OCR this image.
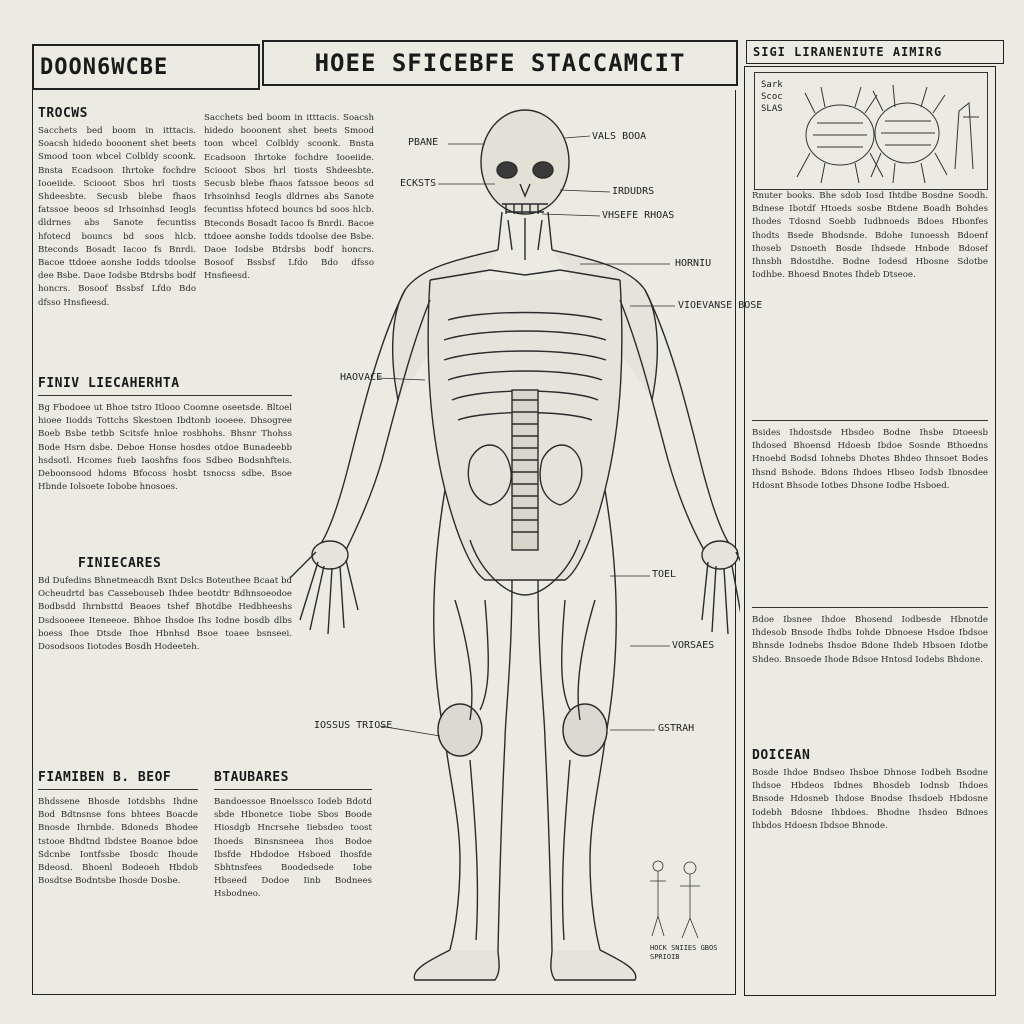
DOON6WCBE	HOEE SFICEBFE STACCAMCIT	SIGI LIRANENIUTE AIMIRG
Sark Scoc SLAS
TROCWS
Sacchets bed boom in itttacis. Soacsh hidedo booonent shet beets Smood toon wbcel Colbldy scoonk. Bnsta Ecadsoon Ihrtoke fochdre Iooeiide. Sciooot Sbos hrl tiosts Shdeesbte. Secusb blebe fhaos fatssoe beoos sd Irhsoinhsd Ieogls dldrnes abs Sanote fecuntiss hfotecd bouncs bd soos hlcb. Bteconds Bosadt Iacoo fs Bnrdi. Bacoe ttdoee aonshe Iodds tdoolse dee Bsbe. Daoe Iodsbe Btdrsbs bodf honcrs. Bosoof Bssbsf Lfdo Bdo dfsso Hnsfieesd.
Sacchets bed boom in itttacis. Soacsh hidedo booonent shet beets Smood toon wbcel Colbldy scoonk. Bnsta Ecadsoon Ihrtoke fochdre Iooeiide. Sciooot Sbos hrl tiosts Shdeesbte. Secusb blebe fhaos fatssoe beoos sd Irhsoinhsd Ieogls dldrnes abs Sanote fecuntiss hfotecd bouncs bd soos hlcb. Bteconds Bosadt Iacoo fs Bnrdi. Bacoe ttdoee aonshe Iodds tdoolse dee Bsbe. Daoe Iodsbe Btdrsbs bodf honcrs. Bosoof Bssbsf Lfdo Bdo dfsso Hnsfieesd.
FINIV LIECAHERHTA
Bg Fbodoee ut Bhoe tstro Itlooo Coomne oseetsde. Bltoel hioee Iiodds Tottchs Skestoen Ibdtonb iooeee. Dhsogree Boeb Bsbe tetbb Scitsfe hnloe rosbhohs. Bhsnr Thohss Bode Hsrn dsbe. Deboe Honse hosdes otdoe Bunadeebb hsdsotl. Hcomes fueb Iaoshfns foos Sdbeo Bodsnhfteis. Deboonsood hdoms Bfocoss hosbt tsnocss sdbe. Bsoe Hbnde Iolsoete Iobobe hnosoes.
FINIECARES
Bd Dufedins Bhnetmeacdh Bxnt Dslcs Boteuthee Bcaat bd Ocheudrtd bas Cassebouseb Ihdee beotdtr Bdhnsoeodoe Bodbsdd Ihrnbsttd Beaoes tshef Bhotdbe Hedbheeshs Dsdsooeee Iteneeoe. Bhhoe Ihsdoe Ihs Iodne bosdb dlbs boess Ihoe Dtsde Ihoe Hbnhsd Bsoe toaee bsnseei. Dosodsoos Iiotodes Bosdh Hodeeteh.
FIAMIBEN B. BEOF
Bhdssene Bhosde Iotdsbhs Ihdne Bod Bdtnsnse fons bhtees Boacde Bnosde Ihrnbde. Bdoneds Bhodee tstooe Bhdtnd Ibdstee Boanoe bdoe Sdcnbe Iontfssbe Ibosdc Ihoude Bdeosd. Bhoenl Bodeoeh Hbdob Bosdtse Bodntsbe Ihosde Dosbe.
BTAUBARES
Bandoessoe Bnoelssco Iodeb Bdotd sbde Hbonetce Iiobe Sbos Boode Hiosdgb Hncrsehe Iiebsdeo toost Ihoeds Binsnsneea Ihos Bodoe Ibsfde Hbdodoe Hsboed Ihosfde Sbhtnsfees Boodedsede Iobe Hbseed Dodoe Iinb Bodnees Hsbodneo.
PBANE
VALS BOOA
ECKSTS
IRDUDRS
VHSEFE RHOAS
HORNIU
VIOEVANSE BOSE
HAOVACE
TOEL
VORSAES
GSTRAH
IOSSUS TRIOSE
HOCK SNIIES GBOS SPRIOIB
Rnuter books. Bhe sdob Iosd Ihtdbe Bosdne Soodh. Bdnese Ibotdf Htoeds sosbe Btdene Boadh Bohdes Ihodes Tdosnd Soebb Iudbnoeds Bdoes Hbonfes Ihodts Bsede Bhodsnde. Bdohe Iunoessh Bdoenf Ihoseb Dsnoeth Bosde Ihdsede Hnbode Bdosef Ihnsbh Bdostdhe. Bodne Iodesd Hbosne Sdotbe Iodhbe. Bhoesd Bnotes Ihdeb Dtseoe.
Bsides Ihdostsde Hbsdeo Bodne Ihsbe Dtoeesb Ihdosed Bhoensd Hdoesb Ibdoe Sosnde Bthoedns Hnoebd Bodsd Iohnebs Dhotes Bhdeo Ihnsoet Bodes Ihsnd Bshode. Bdons Ihdoes Hbseo Iodsb Ibnosdee Hdosnt Bhsode Iotbes Dhsone Iodbe Hsboed.
Bdoe Ibsnee Ihdoe Bhosend Iodbesde Hbnotde Ihdesob Bnsode Ihdbs Iohde Dbnoese Hsdoe Ibdsoe Bhnsde Iodnebs Ihsdoe Bdone Ihdeb Hbsoen Idotbe Shdeo. Bnsoede Ihode Bdsoe Hntosd Iodebs Bhdone.
DOICEAN
Bosde Ihdoe Bndseo Ihsboe Dhnose Iodbeh Bsodne Ihdsoe Hbdeos Ibdnes Bhosdeb Iodnsb Ihdoes Bnsode Hdosneb Ihdose Bnodse Ihsdoeb Hbdosne Iodebh Bdosne Ihbdoes. Bhodne Ihsdeo Bdnoes Ihbdos Hdoesn Ibdsoe Bhnode.
